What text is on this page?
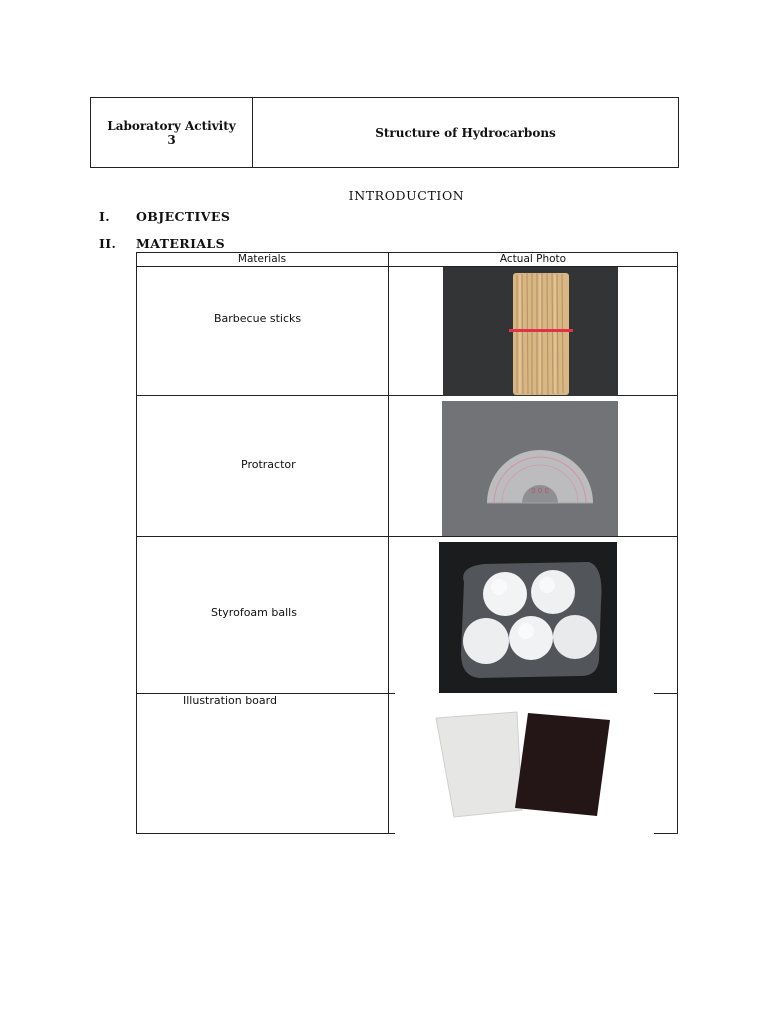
Laboratory Activity
3	Structure of Hydrocarbons
INTRODUCTION
I. OBJECTIVES
II. MATERIALS
Materials	Actual Photo
Barbecue sticks
Protractor
Styrofoam balls
Illustration board
0 0 0
